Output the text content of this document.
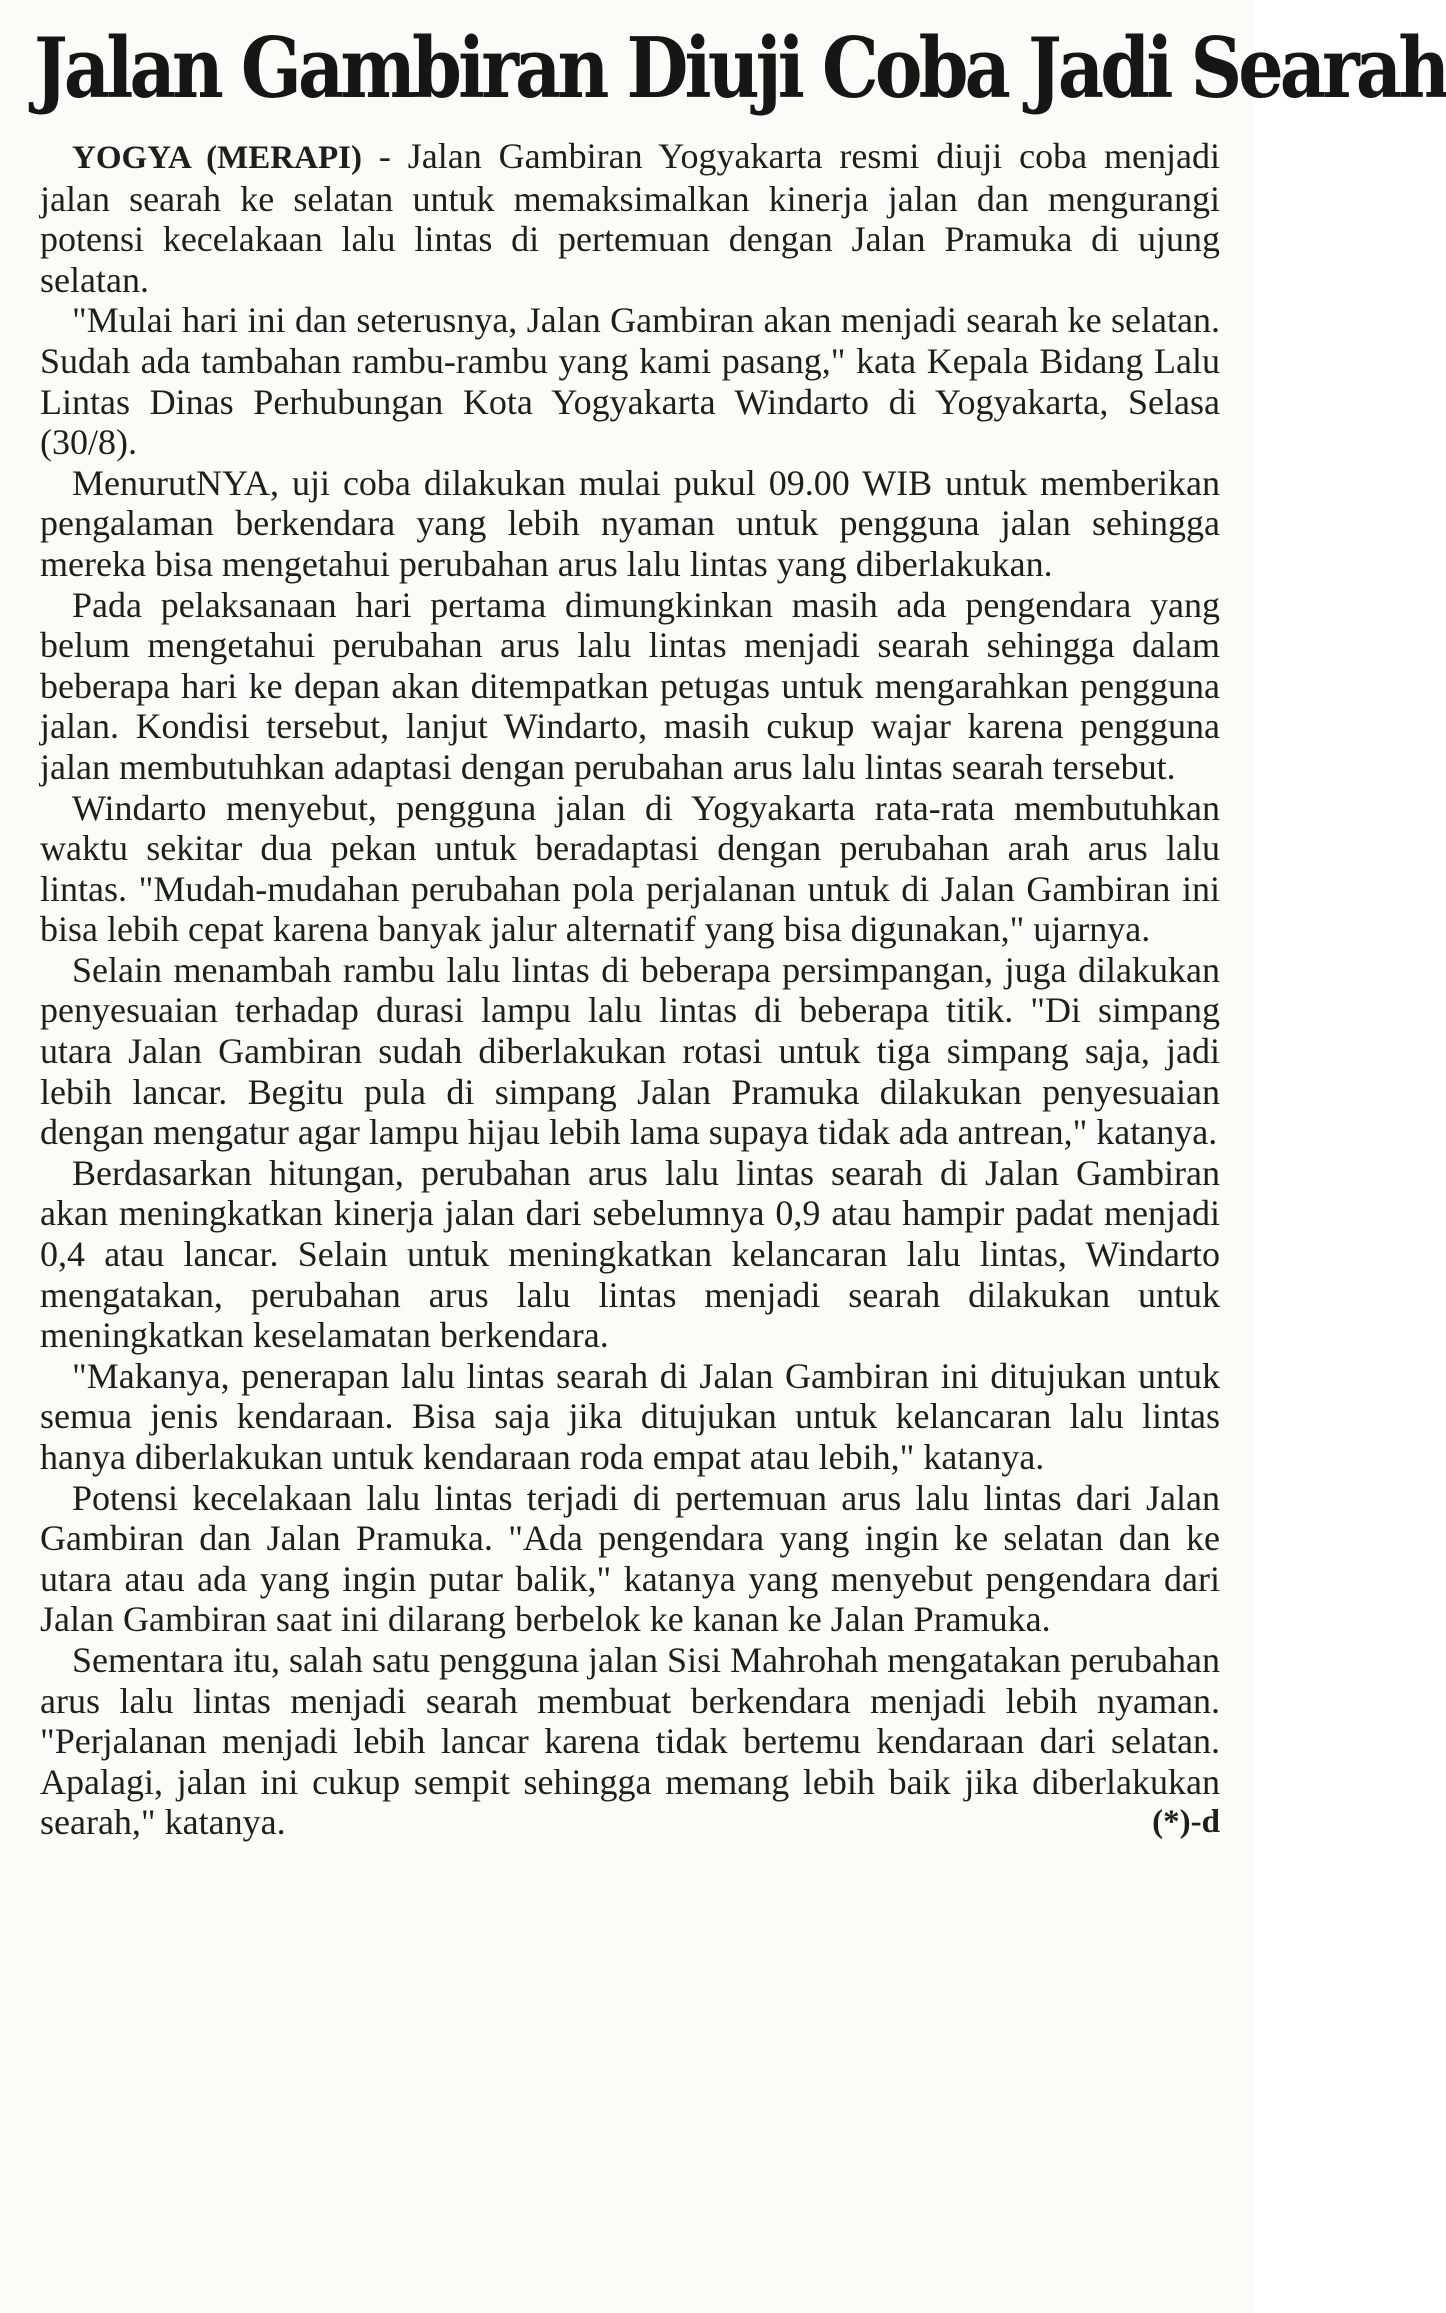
Jalan Gambiran Diuji Coba Jadi Searah

YOGYA (MERAPI) - Jalan Gambiran Yogyakarta resmi diuji coba menjadi jalan searah ke selatan untuk memaksimalkan kinerja jalan dan mengurangi potensi kecelakaan lalu lintas di pertemuan dengan Jalan Pramuka di ujung selatan.

"Mulai hari ini dan seterusnya, Jalan Gambiran akan menjadi searah ke selatan. Sudah ada tambahan rambu-rambu yang kami pasang," kata Kepala Bidang Lalu Lintas Dinas Perhubungan Kota Yogyakarta Windarto di Yogyakarta, Selasa (30/8).

MenurutNYA, uji coba dilakukan mulai pukul 09.00 WIB untuk memberikan pengalaman berkendara yang lebih nyaman untuk pengguna jalan sehingga mereka bisa mengetahui perubahan arus lalu lintas yang diberlakukan.

Pada pelaksanaan hari pertama dimungkinkan masih ada pengendara yang belum mengetahui perubahan arus lalu lintas menjadi searah sehingga dalam beberapa hari ke depan akan ditempatkan petugas untuk mengarahkan pengguna jalan. Kondisi tersebut, lanjut Windarto, masih cukup wajar karena pengguna jalan membutuhkan adaptasi dengan perubahan arus lalu lintas searah tersebut.

Windarto menyebut, pengguna jalan di Yogyakarta rata-rata membutuhkan waktu sekitar dua pekan untuk beradaptasi dengan perubahan arah arus lalu lintas. "Mudah-mudahan perubahan pola perjalanan untuk di Jalan Gambiran ini bisa lebih cepat karena banyak jalur alternatif yang bisa digunakan," ujarnya.

Selain menambah rambu lalu lintas di beberapa persimpangan, juga dilakukan penyesuaian terhadap durasi lampu lalu lintas di beberapa titik. "Di simpang utara Jalan Gambiran sudah diberlakukan rotasi untuk tiga simpang saja, jadi lebih lancar. Begitu pula di simpang Jalan Pramuka dilakukan penyesuaian dengan mengatur agar lampu hijau lebih lama supaya tidak ada antrean," katanya.

Berdasarkan hitungan, perubahan arus lalu lintas searah di Jalan Gambiran akan meningkatkan kinerja jalan dari sebelumnya 0,9 atau hampir padat menjadi 0,4 atau lancar. Selain untuk meningkatkan kelancaran lalu lintas, Windarto mengatakan, perubahan arus lalu lintas menjadi searah dilakukan untuk meningkatkan keselamatan berkendara.

"Makanya, penerapan lalu lintas searah di Jalan Gambiran ini ditujukan untuk semua jenis kendaraan. Bisa saja jika ditujukan untuk kelancaran lalu lintas hanya diberlakukan untuk kendaraan roda empat atau lebih," katanya.

Potensi kecelakaan lalu lintas terjadi di pertemuan arus lalu lintas dari Jalan Gambiran dan Jalan Pramuka. "Ada pengendara yang ingin ke selatan dan ke utara atau ada yang ingin putar balik," katanya yang menyebut pengendara dari Jalan Gambiran saat ini dilarang berbelok ke kanan ke Jalan Pramuka.

Sementara itu, salah satu pengguna jalan Sisi Mahrohah mengatakan perubahan arus lalu lintas menjadi searah membuat berkendara menjadi lebih nyaman. "Perjalanan menjadi lebih lancar karena tidak bertemu kendaraan dari selatan. Apalagi, jalan ini cukup sempit sehingga memang lebih baik jika diberlakukan searah," katanya.	(*)-d
